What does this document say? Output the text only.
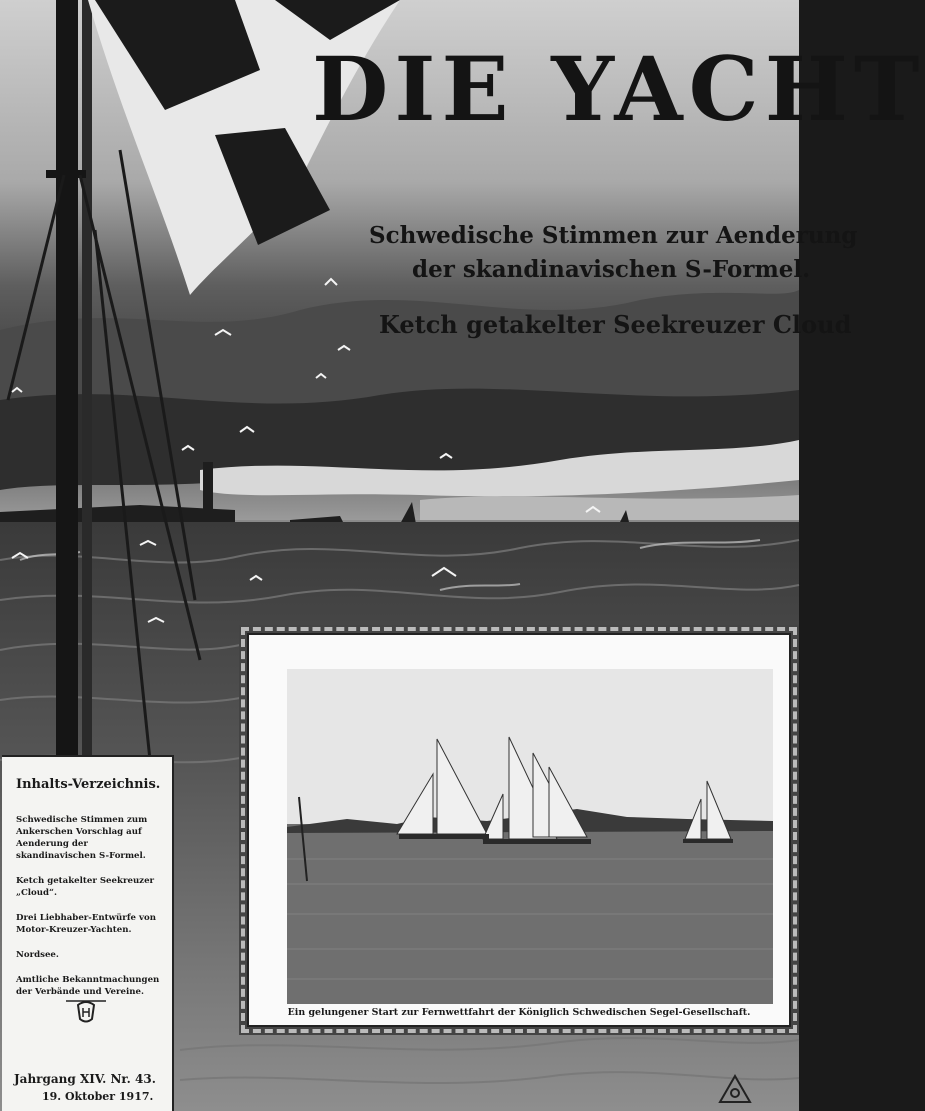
DIE YACHT
Schwedische Stimmen zur Aenderung
der skandinavischen S-Formel.
Ketch getakelter Seekreuzer Cloud
Inhalts-Verzeichnis.
Schwedische Stimmen zum Ankerschen Vorschlag auf Aenderung der skandinavischen S-Formel.
Ketch getakelter Seekreuzer „Cloud“.
Drei Liebhaber-Entwürfe von Motor-Kreuzer-Yachten.
Nordsee.
Amtliche Bekanntmachungen der Verbände und Vereine.
Jahrgang XIV. Nr. 43.
19. Oktober 1917.
Ein gelungener Start zur Fernwettfahrt der Königlich Schwedischen Segel-Gesellschaft.
